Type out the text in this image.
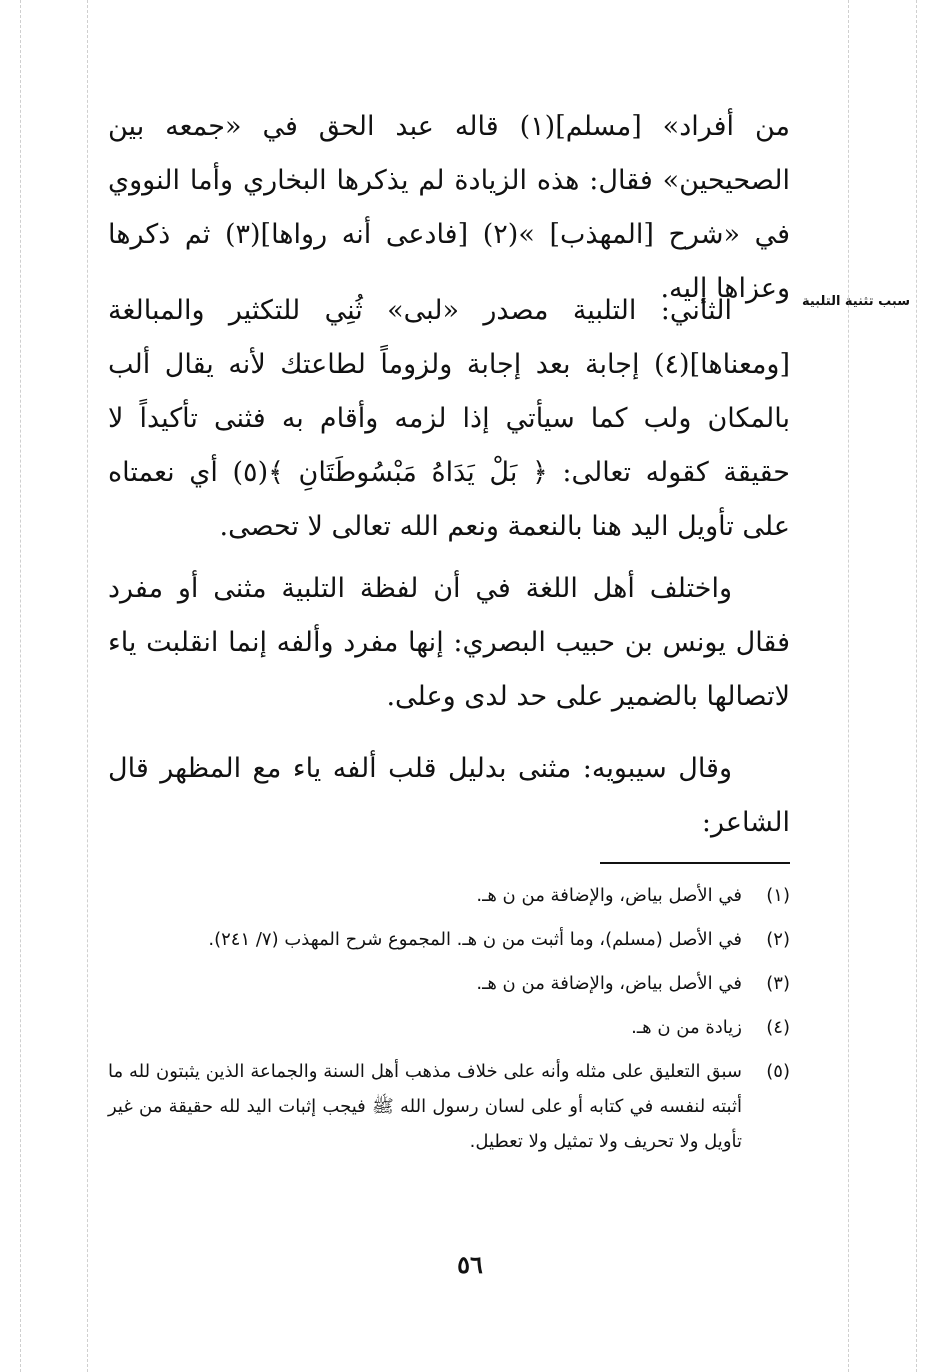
سبب تثنية التلبية

من أفراد» [مسلم](١) قاله عبد الحق في «جمعه بين الصحيحين» فقال: هذه الزيادة لم يذكرها البخاري وأما النووي في «شرح [المهذب] »(٢) [فادعى أنه رواها](٣) ثم ذكرها وعزاها إليه.

الثاني: التلبية مصدر «لبى» ثُنِي للتكثير والمبالغة [ومعناها](٤) إجابة بعد إجابة ولزوماً لطاعتك لأنه يقال ألب بالمكان ولب كما سيأتي إذا لزمه وأقام به فثنى تأكيداً لا حقيقة كقوله تعالى: ﴿ بَلْ يَدَاهُ مَبْسُوطَتَانِ ﴾(٥) أي نعمتاه على تأويل اليد هنا بالنعمة ونعم الله تعالى لا تحصى.

واختلف أهل اللغة في أن لفظة التلبية مثنى أو مفرد فقال يونس بن حبيب البصري: إنها مفرد وألفه إنما انقلبت ياء لاتصالها بالضمير على حد لدى وعلى.

وقال سيبويه: مثنى بدليل قلب ألفه ياء مع المظهر قال الشاعر:

(١)
في الأصل بياض، والإضافة من ن هـ.
(٢)
في الأصل (مسلم)، وما أثبت من ن هـ. المجموع شرح المهذب (٧/ ٢٤١).
(٣)
في الأصل بياض، والإضافة من ن هـ.
(٤)
زيادة من ن هـ.
(٥)
سبق التعليق على مثله وأنه على خلاف مذهب أهل السنة والجماعة الذين يثبتون لله ما أثبته لنفسه في كتابه أو على لسان رسول الله ﷺ فيجب إثبات اليد لله حقيقة من غير تأويل ولا تحريف ولا تمثيل ولا تعطيل.
٥٦
